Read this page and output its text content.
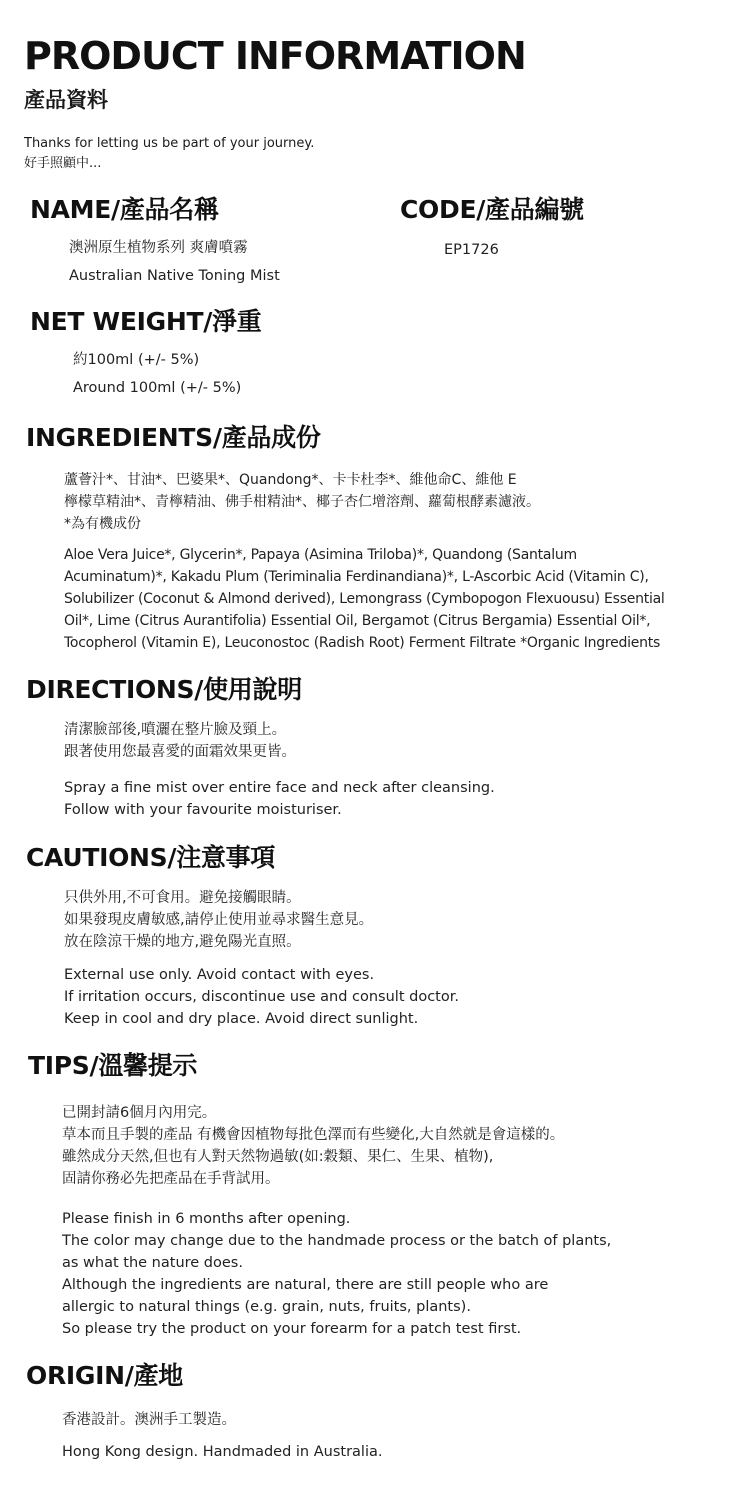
PRODUCT INFORMATION
產品資料
Thanks for letting us be part of your journey.
好手照顧中...
NAME/產品名稱
澳洲原生植物系列 爽膚噴霧
Australian Native Toning Mist
CODE/產品編號
EP1726
NET WEIGHT/淨重
約100ml (+/- 5%)
Around 100ml (+/- 5%)
INGREDIENTS/產品成份
蘆薈汁*、甘油*、巴婆果*、Quandong*、卡卡杜李*、維他命C、維他 E
檸檬草精油*、青檸精油、佛手柑精油*、椰子杏仁增溶劑、蘿蔔根酵素濾液。
*為有機成份
Aloe Vera Juice*, Glycerin*, Papaya (Asimina Triloba)*, Quandong (Santalum
Acuminatum)*, Kakadu Plum (Teriminalia Ferdinandiana)*, L-Ascorbic Acid (Vitamin C),
Solubilizer (Coconut & Almond derived), Lemongrass (Cymbopogon Flexuousu) Essential
Oil*, Lime (Citrus Aurantifolia) Essential Oil, Bergamot (Citrus Bergamia) Essential Oil*,
Tocopherol (Vitamin E), Leuconostoc (Radish Root) Ferment Filtrate *Organic Ingredients
DIRECTIONS/使用說明
清潔臉部後,噴灑在整片臉及頸上。
跟著使用您最喜愛的面霜效果更皆。
Spray a fine mist over entire face and neck after cleansing.
Follow with your favourite moisturiser.
CAUTIONS/注意事項
只供外用,不可食用。避免接觸眼睛。
如果發現皮膚敏感,請停止使用並尋求醫生意見。
放在陰涼干燥的地方,避免陽光直照。
External use only. Avoid contact with eyes.
If irritation occurs, discontinue use and consult doctor.
Keep in cool and dry place. Avoid direct sunlight.
TIPS/溫馨提示
已開封請6個月內用完。
草本而且手製的產品 有機會因植物每批色澤而有些變化,大自然就是會這樣的。
雖然成分天然,但也有人對天然物過敏(如:穀類、果仁、生果、植物),
固請你務必先把產品在手背試用。
Please finish in 6 months after opening.
The color may change due to the handmade process or the batch of plants,
as what the nature does.
Although the ingredients are natural, there are still people who are
allergic to natural things (e.g. grain, nuts, fruits, plants).
So please try the product on your forearm for a patch test first.
ORIGIN/產地
香港設計。澳洲手工製造。
Hong Kong design. Handmaded in Australia.
